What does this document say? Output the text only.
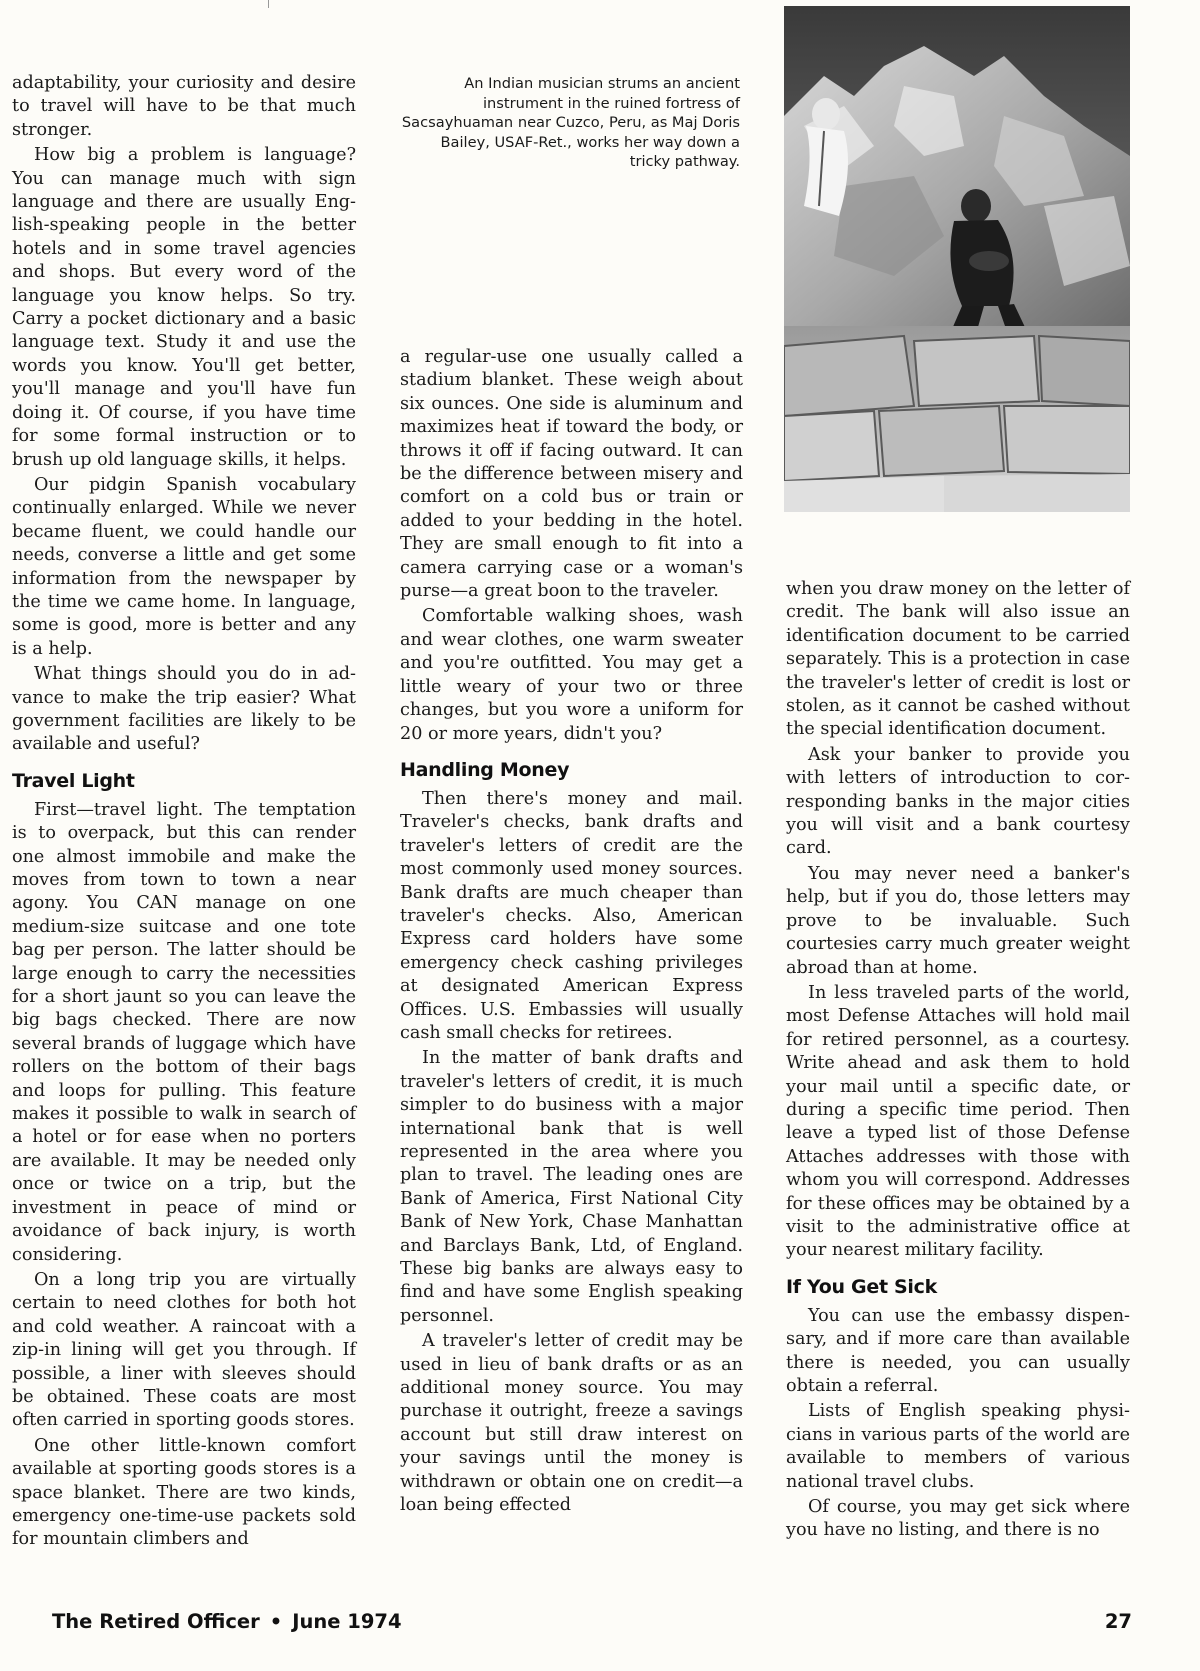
adaptability, your curiosity and desire to travel will have to be that much stronger.

How big a problem is language? You can manage much with sign language and there are usually English-speaking people in the better hotels and in some travel agencies and shops. But every word of the language you know helps. So try. Carry a pocket dictionary and a basic language text. Study it and use the words you know. You'll get better, you'll manage and you'll have fun doing it. Of course, if you have time for some formal instruction or to brush up old language skills, it helps.

Our pidgin Spanish vocabulary continually enlarged. While we never became fluent, we could handle our needs, converse a little and get some information from the newspaper by the time we came home. In language, some is good, more is better and any is a help.

What things should you do in advance to make the trip easier? What government facilities are likely to be available and useful?

Travel Light

First—travel light. The temptation is to overpack, but this can render one almost immobile and make the moves from town to town a near agony. You CAN manage on one medium-size suitcase and one tote bag per person. The latter should be large enough to carry the necessities for a short jaunt so you can leave the big bags checked. There are now several brands of luggage which have rollers on the bottom of their bags and loops for pulling. This feature makes it possible to walk in search of a hotel or for ease when no porters are available. It may be needed only once or twice on a trip, but the investment in peace of mind or avoidance of back injury, is worth considering.

On a long trip you are virtually certain to need clothes for both hot and cold weather. A raincoat with a zip-in lining will get you through. If possible, a liner with sleeves should be obtained. These coats are most often carried in sporting goods stores.

One other little-known comfort available at sporting goods stores is a space blanket. There are two kinds, emergency one-time-use packets sold for mountain climbers and

An Indian musician strums an ancient instrument in the ruined fortress of Sacsayhuaman near Cuzco, Peru, as Maj Doris Bailey, USAF-Ret., works her way down a tricky pathway.

a regular-use one usually called a stadium blanket. These weigh about six ounces. One side is aluminum and maximizes heat if toward the body, or throws it off if facing outward. It can be the difference between misery and comfort on a cold bus or train or added to your bedding in the hotel. They are small enough to fit into a camera carrying case or a woman's purse—a great boon to the traveler.

Comfortable walking shoes, wash and wear clothes, one warm sweater and you're outfitted. You may get a little weary of your two or three changes, but you wore a uniform for 20 or more years, didn't you?

Handling Money

Then there's money and mail. Traveler's checks, bank drafts and traveler's letters of credit are the most commonly used money sources. Bank drafts are much cheaper than traveler's checks. Also, American Express card holders have some emergency check cashing privileges at designated American Express Offices. U.S. Embassies will usually cash small checks for retirees.

In the matter of bank drafts and traveler's letters of credit, it is much simpler to do business with a major international bank that is well represented in the area where you plan to travel. The leading ones are Bank of America, First National City Bank of New York, Chase Manhattan and Barclays Bank, Ltd, of England. These big banks are always easy to find and have some English speaking personnel.

A traveler's letter of credit may be used in lieu of bank drafts or as an additional money source. You may purchase it outright, freeze a savings account but still draw interest on your savings until the money is withdrawn or obtain one on credit—a loan being effected

when you draw money on the letter of credit. The bank will also issue an identification document to be carried separately. This is a protection in case the traveler's letter of credit is lost or stolen, as it cannot be cashed without the special identification document.

Ask your banker to provide you with letters of introduction to corresponding banks in the major cities you will visit and a bank courtesy card.

You may never need a banker's help, but if you do, those letters may prove to be invaluable. Such courtesies carry much greater weight abroad than at home.

In less traveled parts of the world, most Defense Attaches will hold mail for retired personnel, as a courtesy. Write ahead and ask them to hold your mail until a specific date, or during a specific time period. Then leave a typed list of those Defense Attaches addresses with those with whom you will correspond. Addresses for these offices may be obtained by a visit to the administrative office at your nearest military facility.

If You Get Sick

You can use the embassy dispensary, and if more care than available there is needed, you can usually obtain a referral.

Lists of English speaking physicians in various parts of the world are available to members of various national travel clubs.

Of course, you may get sick where you have no listing, and there is no

The Retired Officer • June 1974	27
